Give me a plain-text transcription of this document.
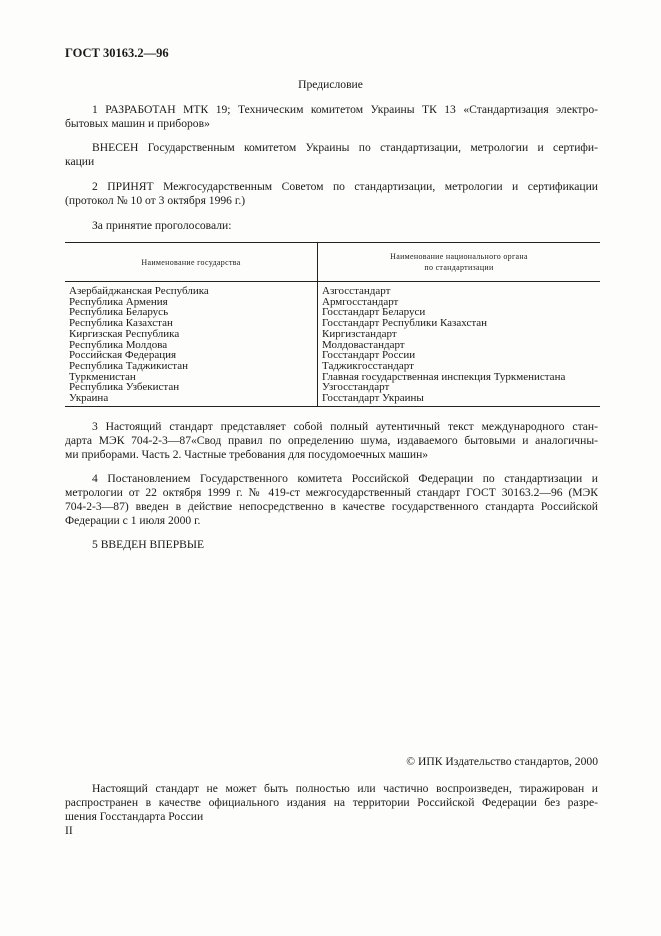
ГОСТ 30163.2—96
Предисловие
1 РАЗРАБОТАН МТК 19; Техническим комитетом Украины ТК 13 «Стандартизация электро-
бытовых машин и приборов»
ВНЕСЕН Государственным комитетом Украины по стандартизации, метрологии и сертифи-
кации
2 ПРИНЯТ Межгосударственным Советом по стандартизации, метрологии и сертификации
(протокол № 10 от 3 октября 1996 г.)
За принятие проголосовали:
Наименование государства	Наименование национального органа
по стандартизации
Азербайджанская Республика	Азгосстандарт
Республика Армения	Армгосстандарт
Республика Беларусь	Госстандарт Беларуси
Республика Казахстан	Госстандарт Республики Казахстан
Киргизская Республика	Киргизстандарт
Республика Молдова	Молдовастандарт
Российская Федерация	Госстандарт России
Республика Таджикистан	Таджикгосстандарт
Туркменистан	Главная государственная инспекция Туркменистана
Республика Узбекистан	Узгосстандарт
Украина	Госстандарт Украины
3 Настоящий стандарт представляет собой полный аутентичный текст международного стан-
дарта МЭК 704-2-3—87«Свод правил по определению шума, издаваемого бытовыми и аналогичны-
ми приборами. Часть 2. Частные требования для посудомоечных машин»
4 Постановлением Государственного комитета Российской Федерации по стандартизации и
метрологии от 22 октября 1999 г. № 419-ст межгосударственный стандарт ГОСТ 30163.2—96 (МЭК
704-2-3—87) введен в действие непосредственно в качестве государственного стандарта Российской
Федерации с 1 июля 2000 г.
5 ВВЕДЕН ВПЕРВЫЕ
© ИПК Издательство стандартов, 2000
Настоящий стандарт не может быть полностью или частично воспроизведен, тиражирован и
распространен в качестве официального издания на территории Российской Федерации без разре-
шения Госстандарта России
II
